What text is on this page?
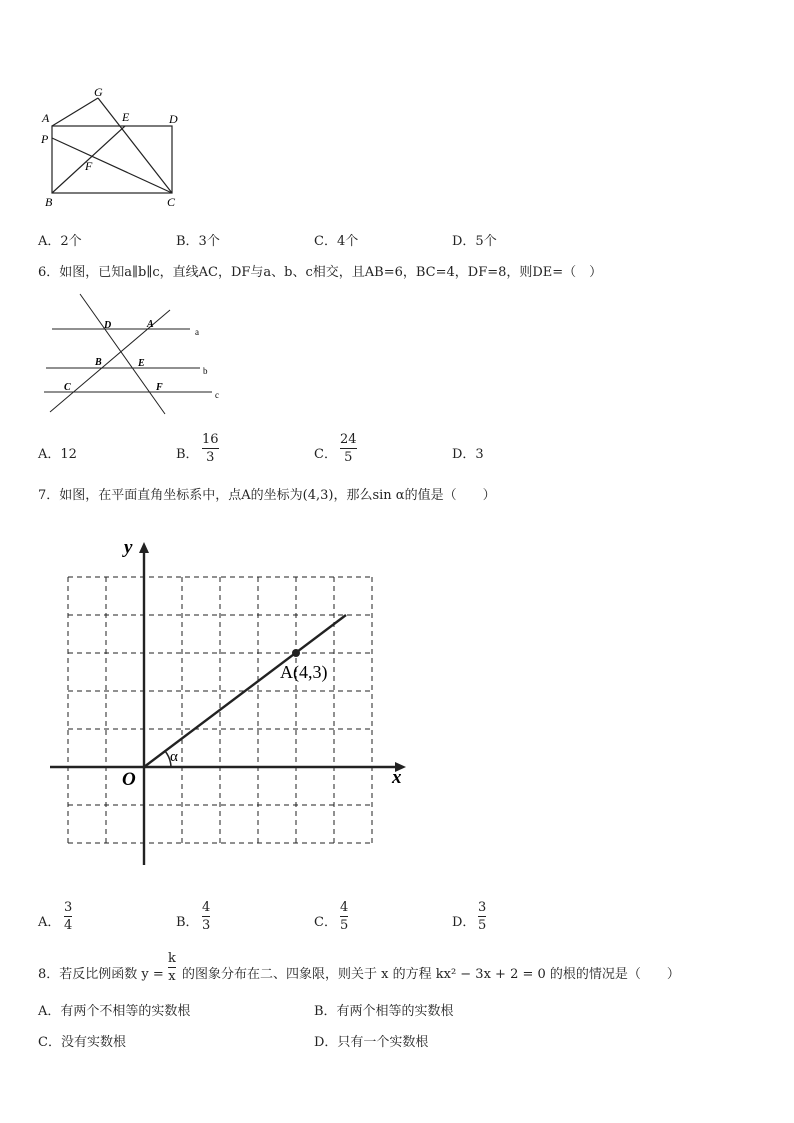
G
A	E	D
P
F
B	C
A．2个	B．3个	C．4个	D．5个
6．如图，已知a∥b∥c，直线AC，DF与a、b、c相交，且AB=6，BC=4，DF=8，则DE=（　）
D	A
B	E
C	F
a
b
c
A．12	B．
16
3	C．
24
5	D．3
7．如图，在平面直角坐标系中，点A的坐标为(4,3)，那么sin α的值是（　　）
y
x
O
α
A(4,3)
A．
3
4	B．
4
3	C．
4
5	D．
3
5
8．若反比例函数 y =
k
x 的图象分布在二、四象限，则关于 x 的方程 kx² − 3x + 2 = 0 的根的情况是（　　）
A．有两个不相等的实数根	B．有两个相等的实数根
C．没有实数根	D．只有一个实数根
